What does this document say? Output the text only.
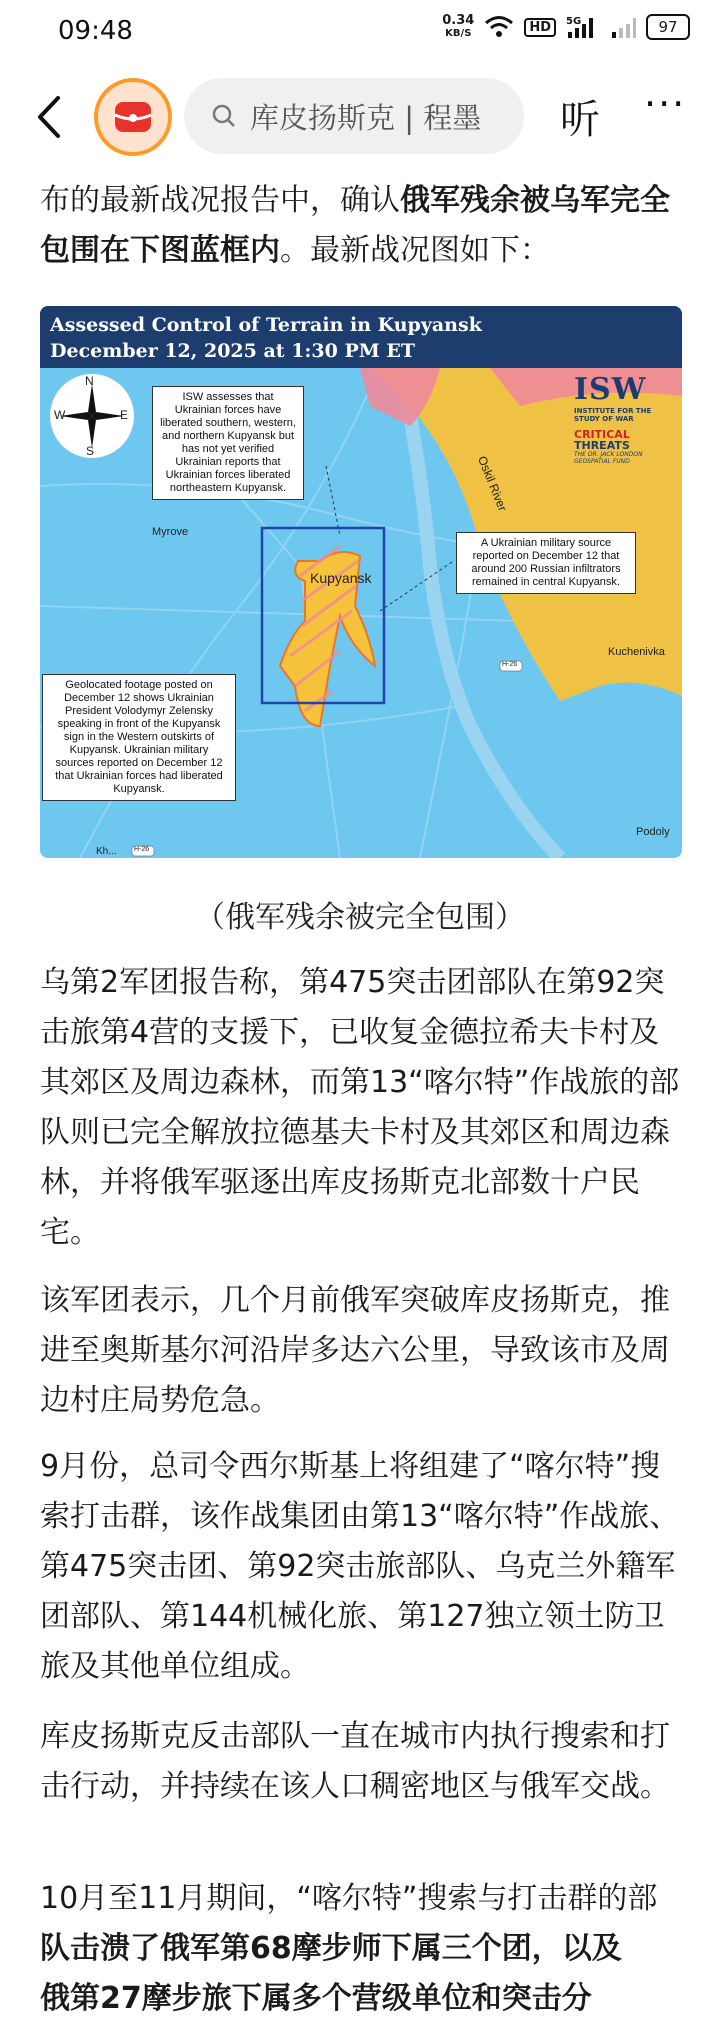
09:48	0.34
KB/S	HD	5G	97
库皮扬斯克 | 程墨	听 ···
布的最新战况报告中，确认俄军残余被乌军完全包围在下图蓝框内。最新战况图如下：
Assessed Control of Terrain in Kupyansk
December 12, 2025 at 1:30 PM ET
N
S
W	E
ISW assesses that Ukrainian forces have liberated southern, western, and northern Kupyansk but has not yet verified Ukrainian reports that Ukrainian forces liberated northeastern Kupyansk.
A Ukrainian military source reported on December 12 that around 200 Russian infiltrators remained in central Kupyansk.
Geolocated footage posted on December 12 shows Ukrainian President Volodymyr Zelensky speaking in front of the Kupyansk sign in the Western outskirts of Kupyansk. Ukrainian military sources reported on December 12 that Ukrainian forces had liberated Kupyansk.
Myrove
Kupyansk
Oskil River
Kuchenivka
Podoly
H-26
H-26
Kh...
ISW
INSTITUTE FOR THE STUDY OF WAR
CRITICAL
THREATS
THE DR. JACK LONDON GEOSPATIAL FUND
（俄军残余被完全包围）
乌第2军团报告称，第475突击团部队在第92突击旅第4营的支援下，已收复金德拉希夫卡村及其郊区及周边森林，而第13“喀尔特”作战旅的部队则已完全解放拉德基夫卡村及其郊区和周边森林，并将俄军驱逐出库皮扬斯克北部数十户民宅。
该军团表示，几个月前俄军突破库皮扬斯克，推进至奥斯基尔河沿岸多达六公里，导致该市及周边村庄局势危急。
9月份，总司令西尔斯基上将组建了“喀尔特”搜索打击群，该作战集团由第13“喀尔特”作战旅、第475突击团、第92突击旅部队、乌克兰外籍军团部队、第144机械化旅、第127独立领土防卫旅及其他单位组成。
库皮扬斯克反击部队一直在城市内执行搜索和打击行动，并持续在该人口稠密地区与俄军交战。
10月至11月期间，“喀尔特”搜索与打击群的部
队击溃了俄军第68摩步师下属三个团，以及
俄第27摩步旅下属多个营级单位和突击分
